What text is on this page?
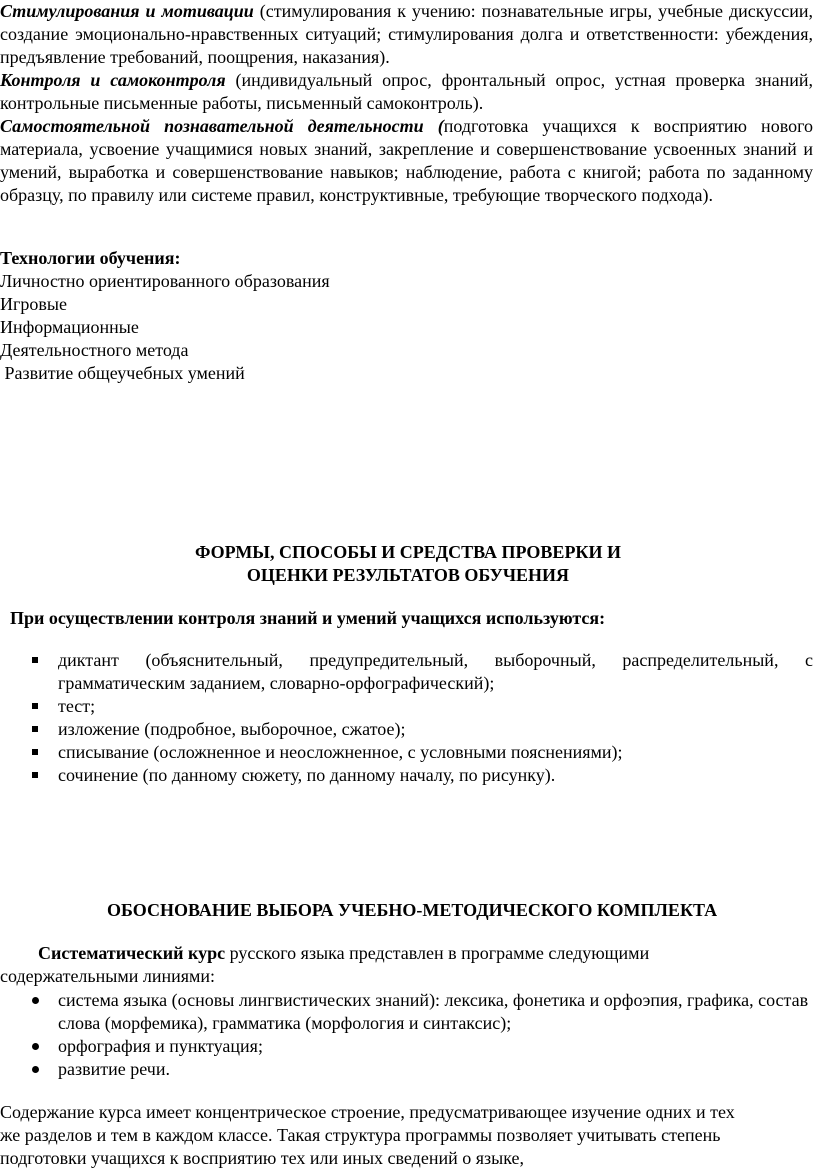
Стимулирования и мотивации (стимулирования к учению: познавательные игры, учебные дискуссии, создание эмоционально-нравственных ситуаций; стимулирования долга и ответственности: убеждения, предъявление требований, поощрения, наказания).

Контроля и самоконтроля (индивидуальный опрос, фронтальный опрос, устная проверка знаний, контрольные письменные работы, письменный самоконтроль).

Самостоятельной познавательной деятельности (подготовка учащихся к восприятию нового материала, усвоение учащимися новых знаний, закрепление и совершенствование усвоенных знаний и умений, выработка и совершенствование навыков; наблюдение, работа с книгой; работа по заданному образцу, по правилу или системе правил, конструктивные, требующие творческого подхода).

Технологии обучения:

Личностно ориентированного образования

Игровые

Информационные

Деятельностного метода

Развитие общеучебных умений

ФОРМЫ, СПОСОБЫ И СРЕДСТВА ПРОВЕРКИ И

ОЦЕНКИ РЕЗУЛЬТАТОВ ОБУЧЕНИЯ

При осуществлении контроля знаний и умений учащихся используются:

диктант (объяснительный, предупредительный, выборочный, распределительный, с грамматическим заданием, словарно-орфографический);
тест;
изложение (подробное, выборочное, сжатое);
списывание (осложненное и неосложненное, с условными пояснениями);
сочинение (по данному сюжету, по данному началу, по рисунку).

ОБОСНОВАНИЕ ВЫБОРА УЧЕБНО-МЕТОДИЧЕСКОГО КОМПЛЕКТА

Систематический курс русского языка представлен в программе следующими

содержательными линиями:

система языка (основы лингвистических знаний): лексика, фонетика и орфоэпия, графика, состав слова (морфемика), грамматика (морфология и синтаксис);
орфография и пунктуация;
развитие речи.

Содержание курса имеет концентрическое строение, предусматривающее изучение одних и тех

же разделов и тем в каждом классе. Такая структура программы позволяет учитывать степень

подготовки учащихся к восприятию тех или иных сведений о языке,
